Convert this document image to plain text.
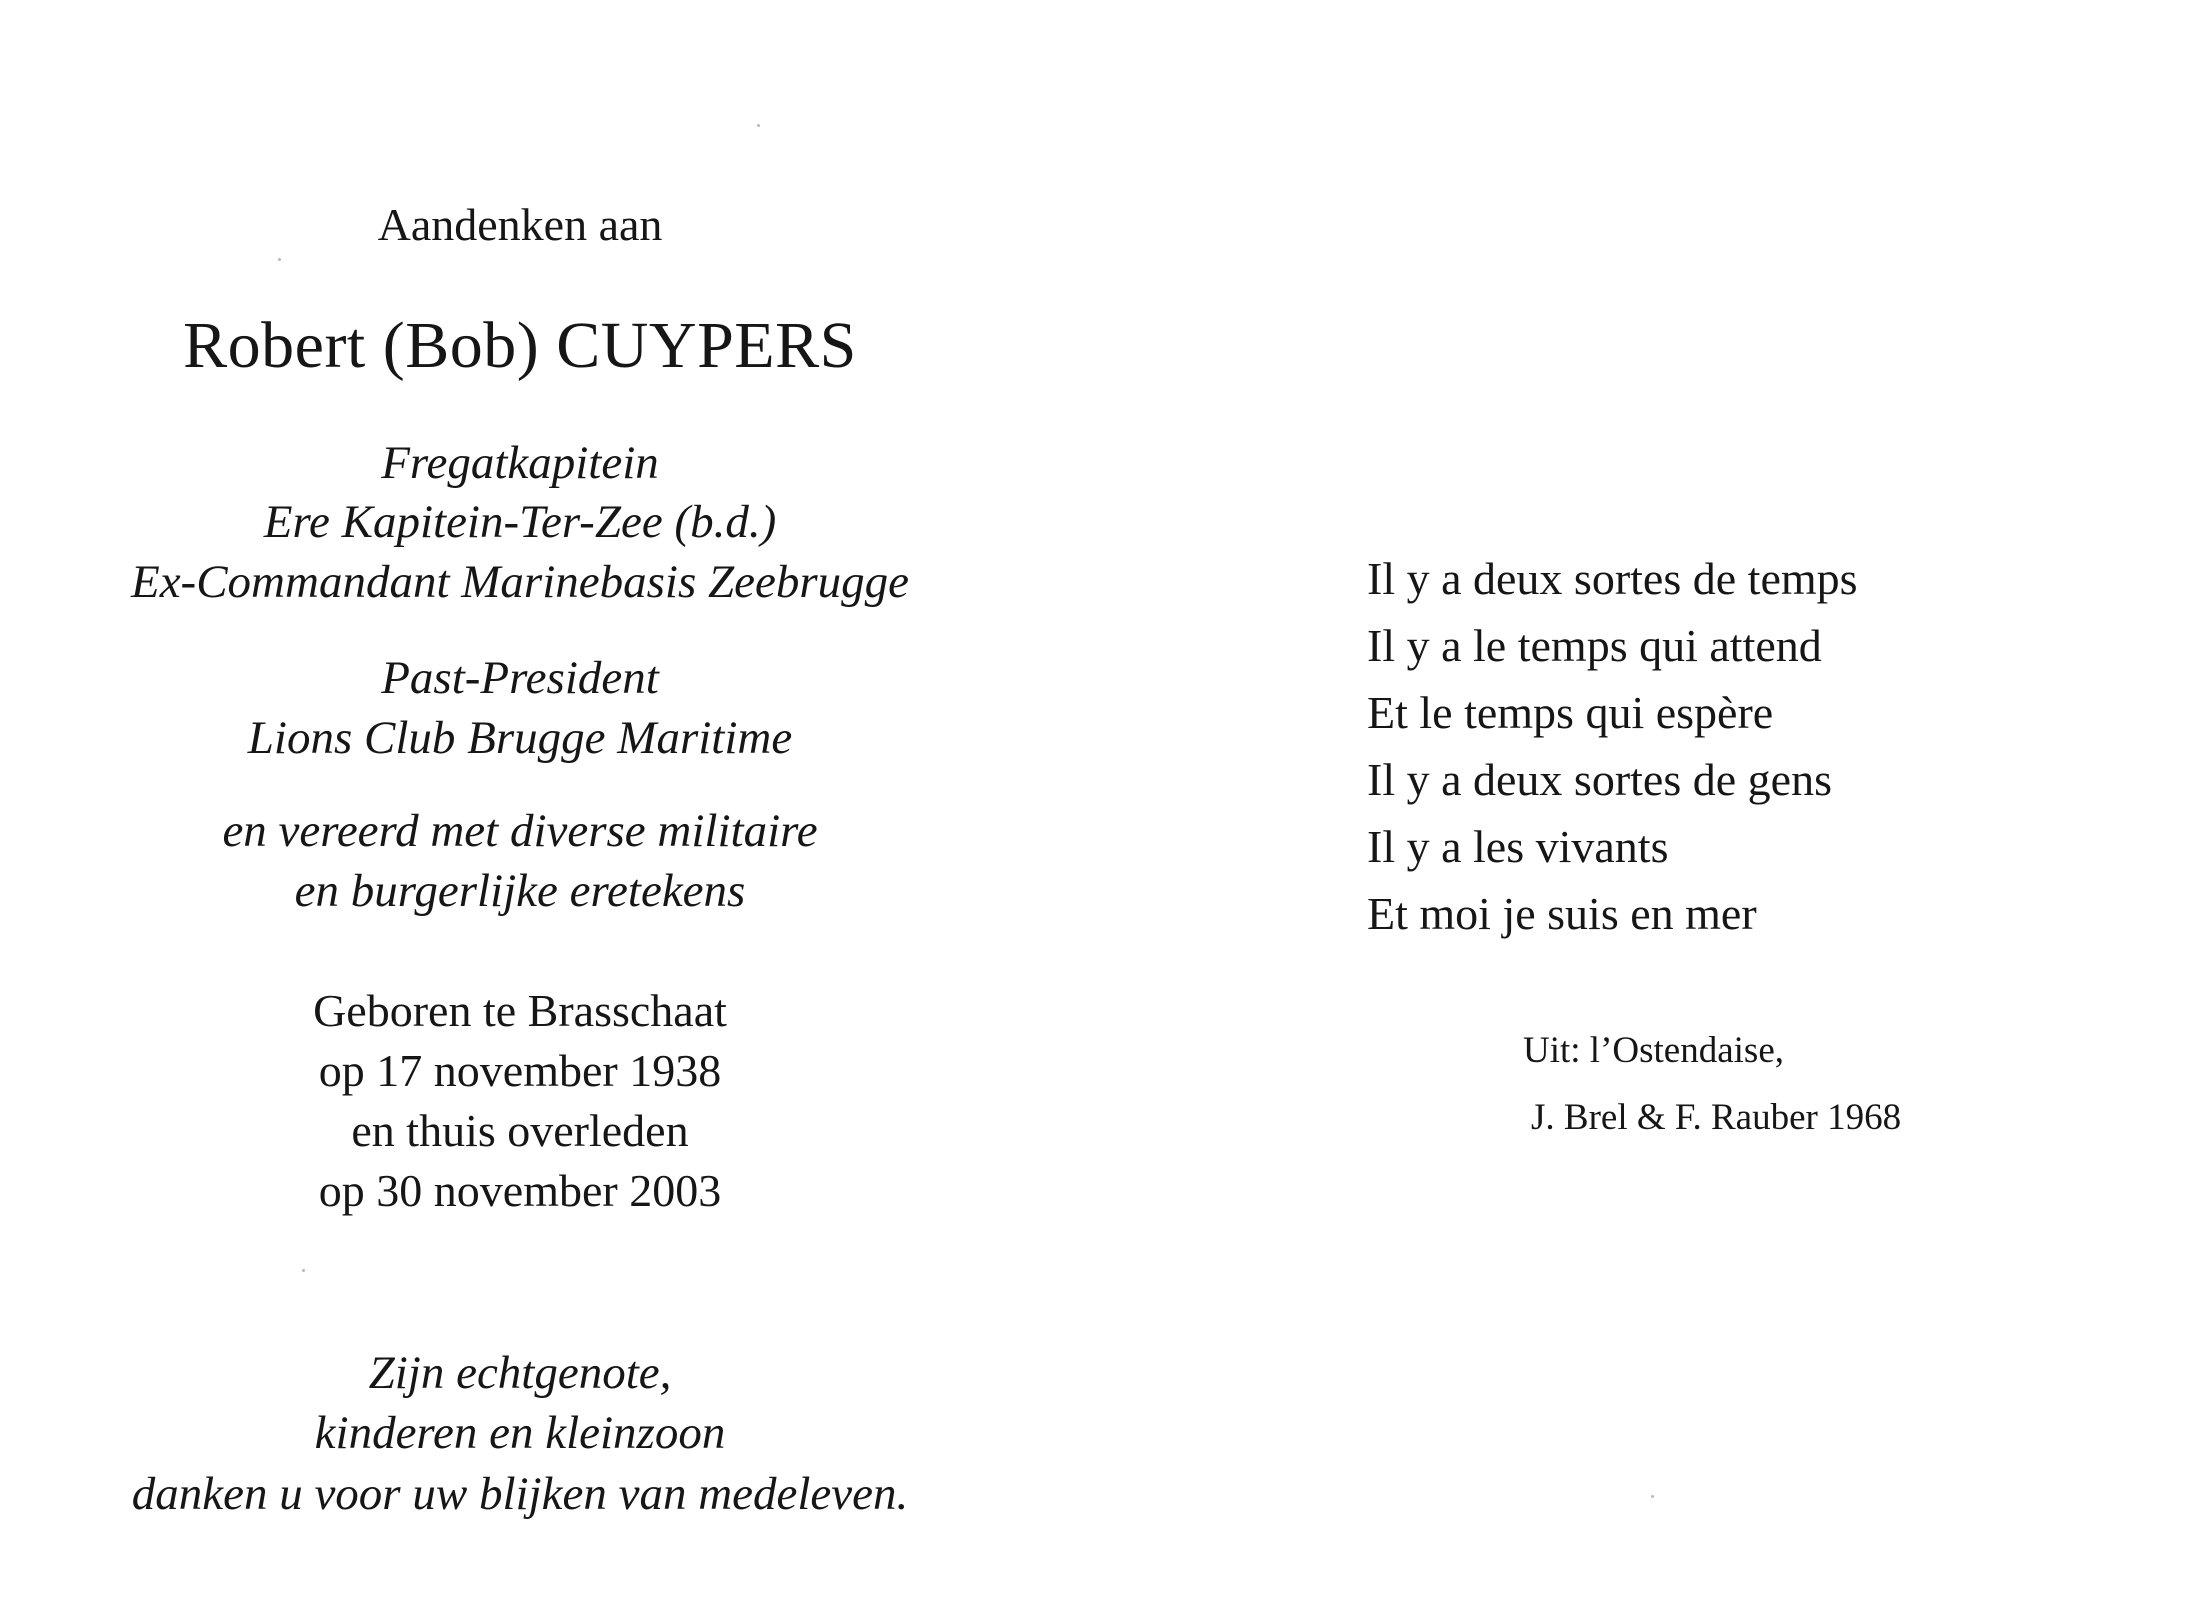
Aandenken aan
Robert (Bob) CUYPERS
Fregatkapitein
Ere Kapitein-Ter-Zee (b.d.)
Ex-Commandant Marinebasis Zeebrugge
Past-President
Lions Club Brugge Maritime
en vereerd met diverse militaire
en burgerlijke eretekens
Geboren te Brasschaat
op 17 november 1938
en thuis overleden
op 30 november 2003
Zijn echtgenote,
kinderen en kleinzoon
danken u voor uw blijken van medeleven.
Il y a deux sortes de temps
Il y a le temps qui attend
Et le temps qui espère
Il y a deux sortes de gens
Il y a les vivants
Et moi je suis en mer
Uit: l’Ostendaise,
J. Brel & F. Rauber 1968
